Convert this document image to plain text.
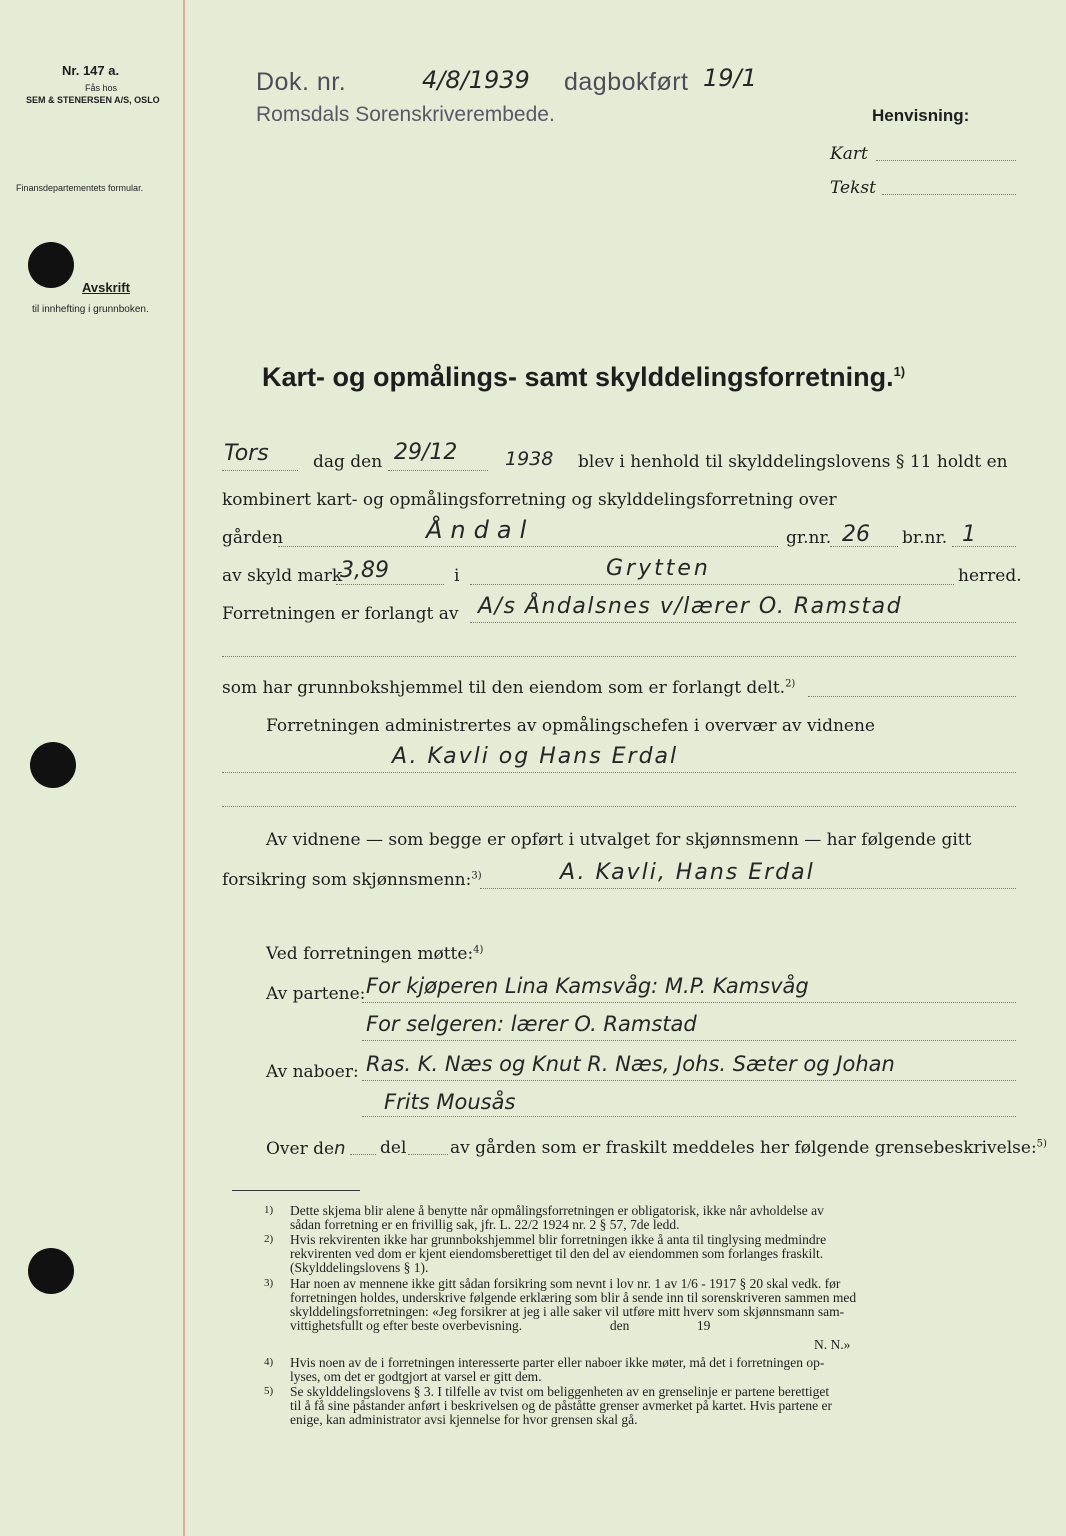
Nr. 147 a.
Fås hos
SEM & STENERSEN A/S, OSLO
Finansdepartementets formular.
Avskrift
til innhefting i grunnboken.
Dok. nr.	4/8/1939 dagbokført 19/1
Romsdals Sorenskriverembede.	Henvisning:
Kart
Tekst
Kart- og opmålings- samt skylddelingsforretning.$^{1)}$
Tors	dag den 29/12	1938 blev i henhold til skylddelingslovens § 11 holdt en
kombinert kart- og opmålingsforretning og skylddelingsforretning over
gården	Åndal	gr.nr. 26 br.nr. 1
av skyld mark
3,89	i	Grytten	herred.
Forretningen er forlangt av A/s Åndalsnes v/lærer O. Ramstad
som har grunnbokshjemmel til den eiendom som er forlangt delt.$^{2)}$
Forretningen administrertes av opmålingschefen i overvær av vidnene
A. Kavli og Hans Erdal
Av vidnene — som begge er opført i utvalget for skjønnsmenn — har følgende gitt
forsikring som skjønnsmenn:$^{3)}$	A. Kavli, Hans Erdal
Ved forretningen møtte:$^{4)}$
Av partene: For kjøperen Lina Kamsvåg: M.P. Kamsvåg
For selgeren: lærer O. Ramstad
Av naboer: Ras. K. Næs og Knut R. Næs, Johs. Sæter og Johan
Frits Mousås
Over den del	av gården som er fraskilt meddeles her følgende grensebeskrivelse:$^{5)}$
1) Dette skjema blir alene å benytte når opmålingsforretningen er obligatorisk, ikke når avholdelse av
sådan forretning er en frivillig sak, jfr. L. 22/2 1924 nr. 2 § 57, 7de ledd.
2) Hvis rekvirenten ikke har grunnbokshjemmel blir forretningen ikke å anta til tinglysing medmindre
rekvirenten ved dom er kjent eiendomsberettiget til den del av eiendommen som forlanges fraskilt.
(Skylddelingslovens § 1).
3) Har noen av mennene ikke gitt sådan forsikring som nevnt i lov nr. 1 av 1/6 - 1917 § 20 skal vedk. før
forretningen holdes, underskrive følgende erklæring som blir å sende inn til sorenskriveren sammen med
skylddelingsforretningen: «Jeg forsikrer at jeg i alle saker vil utføre mitt hverv som skjønnsmann sam-
vittighetsfullt og efter beste overbevisning.                          den                    19
N. N.»
4) Hvis noen av de i forretningen interesserte parter eller naboer ikke møter, må det i forretningen op-
lyses, om det er godtgjort at varsel er gitt dem.
5) Se skylddelingslovens § 3. I tilfelle av tvist om beliggenheten av en grenselinje er partene berettiget
til å få sine påstander anført i beskrivelsen og de påståtte grenser avmerket på kartet. Hvis partene er
enige, kan administrator avsi kjennelse for hvor grensen skal gå.
